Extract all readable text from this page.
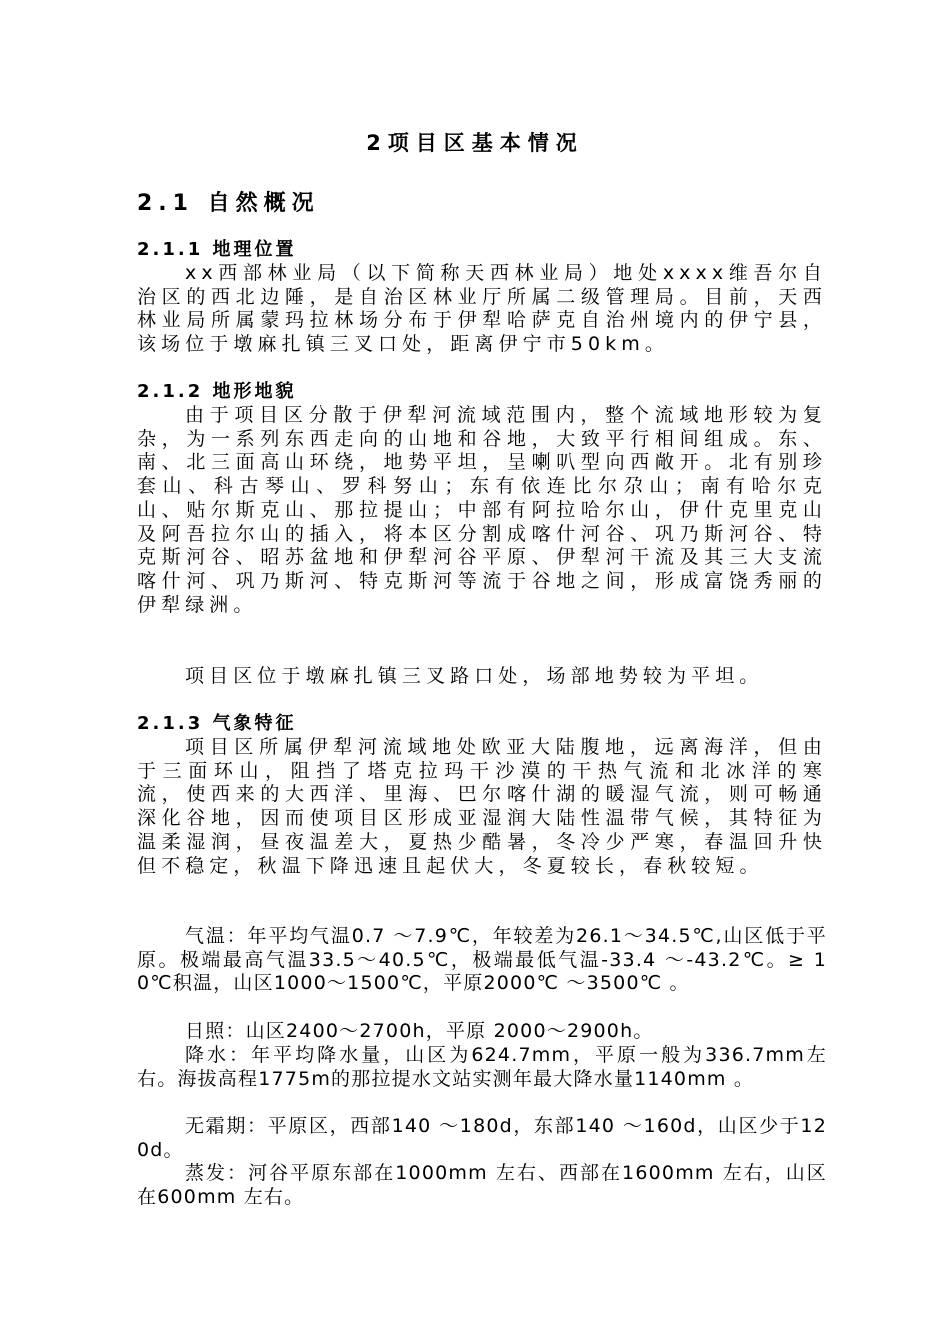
2项目区基本情况
2.1 自然概况
2.1.1 地理位置
xx西部林业局（以下简称天西林业局）地处xxxx维吾尔自治区的西北边陲，是自治区林业厅所属二级管理局。目前，天西林业局所属蒙玛拉林场分布于伊犁哈萨克自治州境内的伊宁县，该场位于墩麻扎镇三叉口处，距离伊宁市50km。
2.1.2 地形地貌
由于项目区分散于伊犁河流域范围内，整个流域地形较为复杂，为一系列东西走向的山地和谷地，大致平行相间组成。东、南、北三面高山环绕，地势平坦，呈喇叭型向西敞开。北有别珍套山、科古琴山、罗科努山；东有依连比尔尕山；南有哈尔克山、贴尔斯克山、那拉提山；中部有阿拉哈尔山，伊什克里克山及阿吾拉尔山的插入，将本区分割成喀什河谷、巩乃斯河谷、特克斯河谷、昭苏盆地和伊犁河谷平原、伊犁河干流及其三大支流喀什河、巩乃斯河、特克斯河等流于谷地之间，形成富饶秀丽的伊犁绿洲。
项目区位于墩麻扎镇三叉路口处，场部地势较为平坦。
2.1.3 气象特征
项目区所属伊犁河流域地处欧亚大陆腹地，远离海洋，但由于三面环山，阻挡了塔克拉玛干沙漠的干热气流和北冰洋的寒流，使西来的大西洋、里海、巴尔喀什湖的暖湿气流，则可畅通深化谷地，因而使项目区形成亚湿润大陆性温带气候，其特征为温柔湿润，昼夜温差大，夏热少酷暑，冬冷少严寒，春温回升快但不稳定，秋温下降迅速且起伏大，冬夏较长，春秋较短。
气温：年平均气温0.7 ～7.9℃，年较差为26.1～34.5℃,山区低于平原。极端最高气温33.5～40.5℃，极端最低气温-33.4 ～-43.2℃。≥ 10℃积温，山区1000～1500℃，平原2000℃ ～3500℃ 。
日照：山区2400～2700h，平原 2000～2900h。
降水：年平均降水量，山区为624.7mm，平原一般为336.7mm左右。海拔高程1775m的那拉提水文站实测年最大降水量1140mm 。
无霜期：平原区，西部140 ～180d，东部140 ～160d，山区少于120d。
蒸发：河谷平原东部在1000mm 左右、西部在1600mm 左右，山区在600mm 左右。
